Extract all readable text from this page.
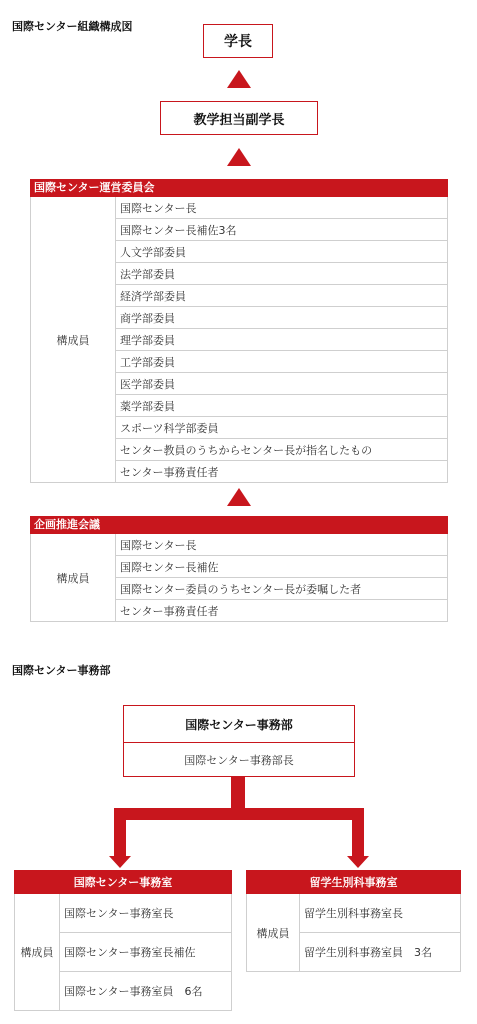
国際センター組織構成図
学長
教学担当副学長
国際センター運営委員会
構成員
国際センター長
国際センター長補佐3名
人文学部委員
法学部委員
経済学部委員
商学部委員
理学部委員
工学部委員
医学部委員
薬学部委員
スポーツ科学部委員
センター教員のうちからセンター長が指名したもの
センター事務責任者
企画推進会議
構成員
国際センター長
国際センター長補佐
国際センター委員のうちセンター長が委嘱した者
センター事務責任者
国際センター事務部
国際センター事務部
国際センター事務部長
国際センター事務室
構成員
国際センター事務室長
国際センター事務室長補佐
国際センター事務室員　6名
留学生別科事務室
構成員
留学生別科事務室長
留学生別科事務室員　3名
